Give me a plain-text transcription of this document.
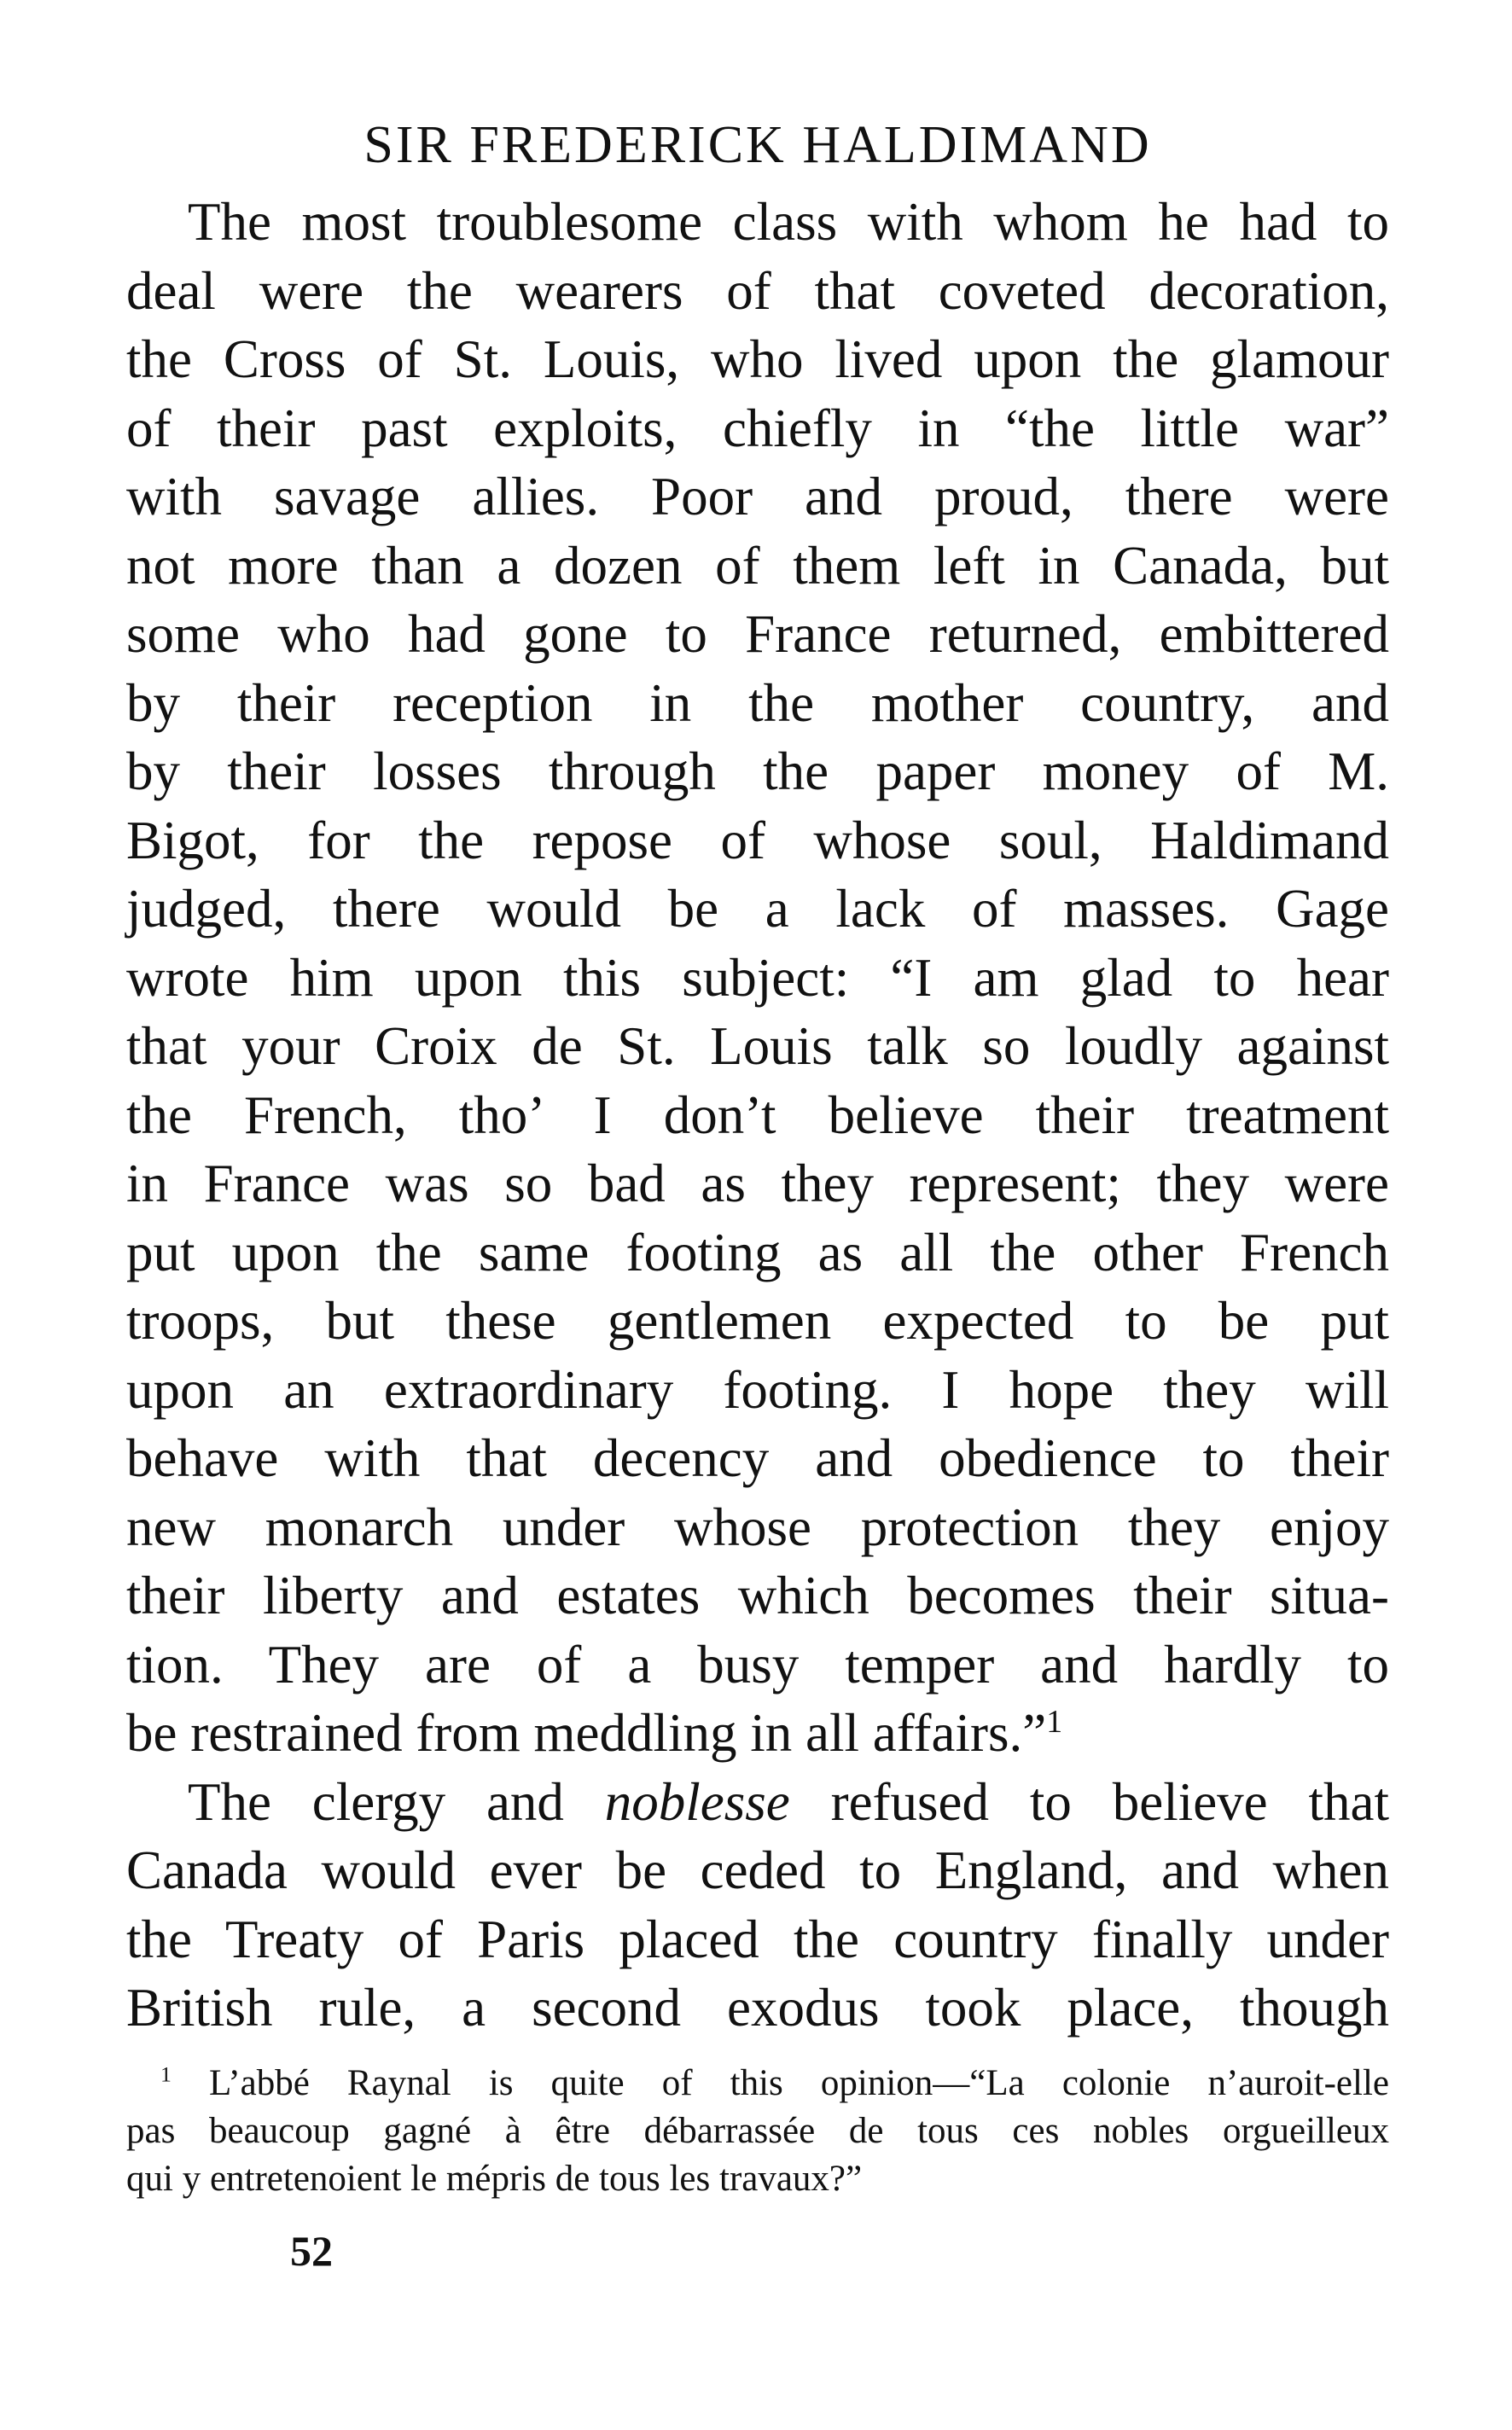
SIR FREDERICK HALDIMAND
The most troublesome class with whom he had to
deal were the wearers of that coveted decoration,
the Cross of St. Louis, who lived upon the glamour
of their past exploits, chiefly in “the little war”
with savage allies. Poor and proud, there were
not more than a dozen of them left in Canada, but
some who had gone to France returned, embittered
by their reception in the mother country, and
by their losses through the paper money of M.
Bigot, for the repose of whose soul, Haldimand
judged, there would be a lack of masses. Gage
wrote him upon this subject: “I am glad to hear
that your Croix de St. Louis talk so loudly against
the French, tho’ I don’t believe their treatment
in France was so bad as they represent; they were
put upon the same footing as all the other French
troops, but these gentlemen expected to be put
upon an extraordinary footing. I hope they will
behave with that decency and obedience to their
new monarch under whose protection they enjoy
their liberty and estates which becomes their situa-
tion. They are of a busy temper and hardly to
be restrained from meddling in all affairs.”$^1$
The clergy and noblesse refused to believe that
Canada would ever be ceded to England, and when
the Treaty of Paris placed the country finally under
British rule, a second exodus took place, though
$^1$ L’abbé Raynal is quite of this opinion—“La colonie n’auroit-elle
pas beaucoup gagné à être débarrassée de tous ces nobles orgueilleux
qui y entretenoient le mépris de tous les travaux?”
52
